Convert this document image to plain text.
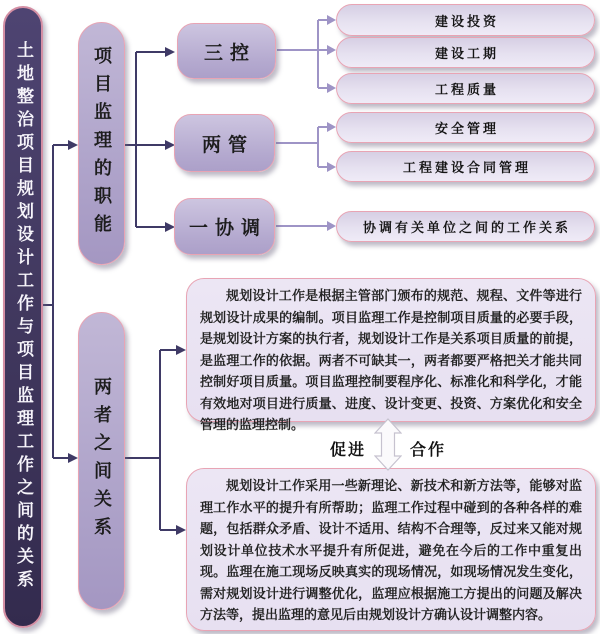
土地整治项目规划设计工作与项目监理工作之间的关系	项目监理的职能
两者之间关系
三控
两管
一协调
建设投资
建设工期
工程质量
安全管理
工程建设合同管理
协调有关单位之间的工作关系
规划设计工作是根据主管部门颁布的规范、规程、文件等进行规划设计成果的编制。项目监理工作是控制项目质量的必要手段，是规划设计方案的执行者，规划设计工作是关系项目质量的前提，是监理工作的依据。两者不可缺其一，两者都要严格把关才能共同控制好项目质量。项目监理控制要程序化、标准化和科学化，才能有效地对项目进行质量、进度、设计变更、投资、方案优化和安全管理的监理控制。
规划设计工作采用一些新理论、新技术和新方法等，能够对监理工作水平的提升有所帮助；监理工作过程中碰到的各种各样的难题，包括群众矛盾、设计不适用、结构不合理等，反过来又能对规划设计单位技术水平提升有所促进，避免在今后的工作中重复出现。监理在施工现场反映真实的现场情况，如现场情况发生变化，需对规划设计进行调整优化，监理应根据施工方提出的问题及解决方法等，提出监理的意见后由规划设计方确认设计调整内容。
促进	合作
